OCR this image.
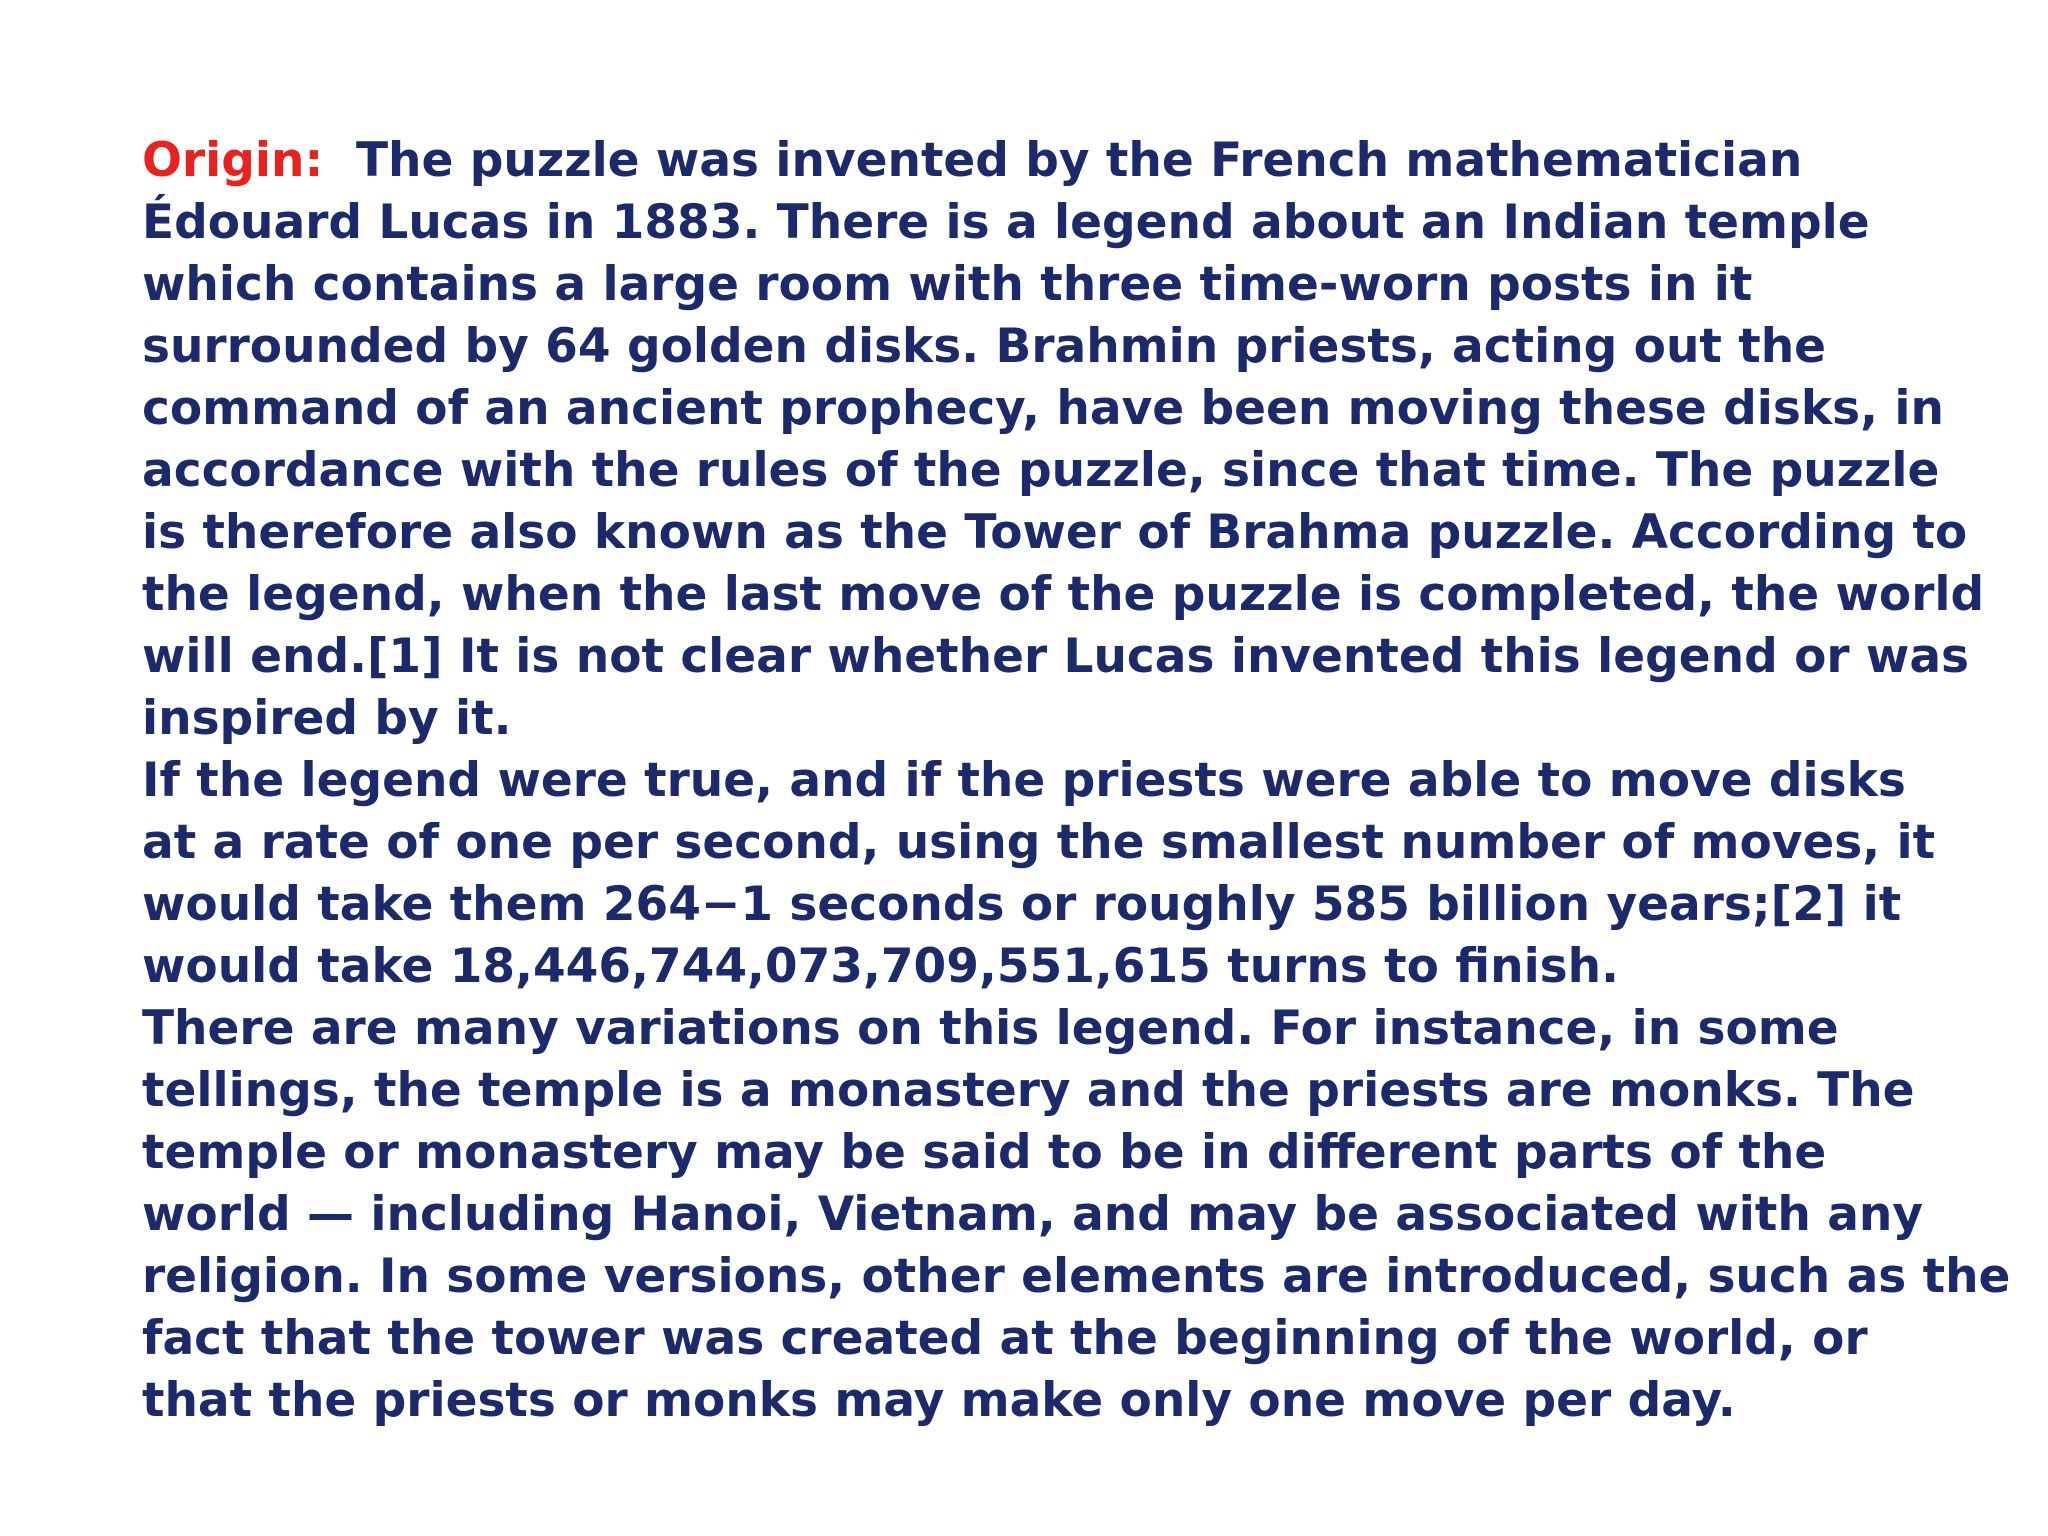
Origin: The puzzle was invented by the French mathematician
Édouard Lucas in 1883. There is a legend about an Indian temple
which contains a large room with three time-worn posts in it
surrounded by 64 golden disks. Brahmin priests, acting out the
command of an ancient prophecy, have been moving these disks, in
accordance with the rules of the puzzle, since that time. The puzzle
is therefore also known as the Tower of Brahma puzzle. According to
the legend, when the last move of the puzzle is completed, the world
will end.[1] It is not clear whether Lucas invented this legend or was
inspired by it.
If the legend were true, and if the priests were able to move disks
at a rate of one per second, using the smallest number of moves, it
would take them 264−1 seconds or roughly 585 billion years;[2] it
would take 18,446,744,073,709,551,615 turns to finish.
There are many variations on this legend. For instance, in some
tellings, the temple is a monastery and the priests are monks. The
temple or monastery may be said to be in different parts of the
world — including Hanoi, Vietnam, and may be associated with any
religion. In some versions, other elements are introduced, such as the
fact that the tower was created at the beginning of the world, or
that the priests or monks may make only one move per day.
